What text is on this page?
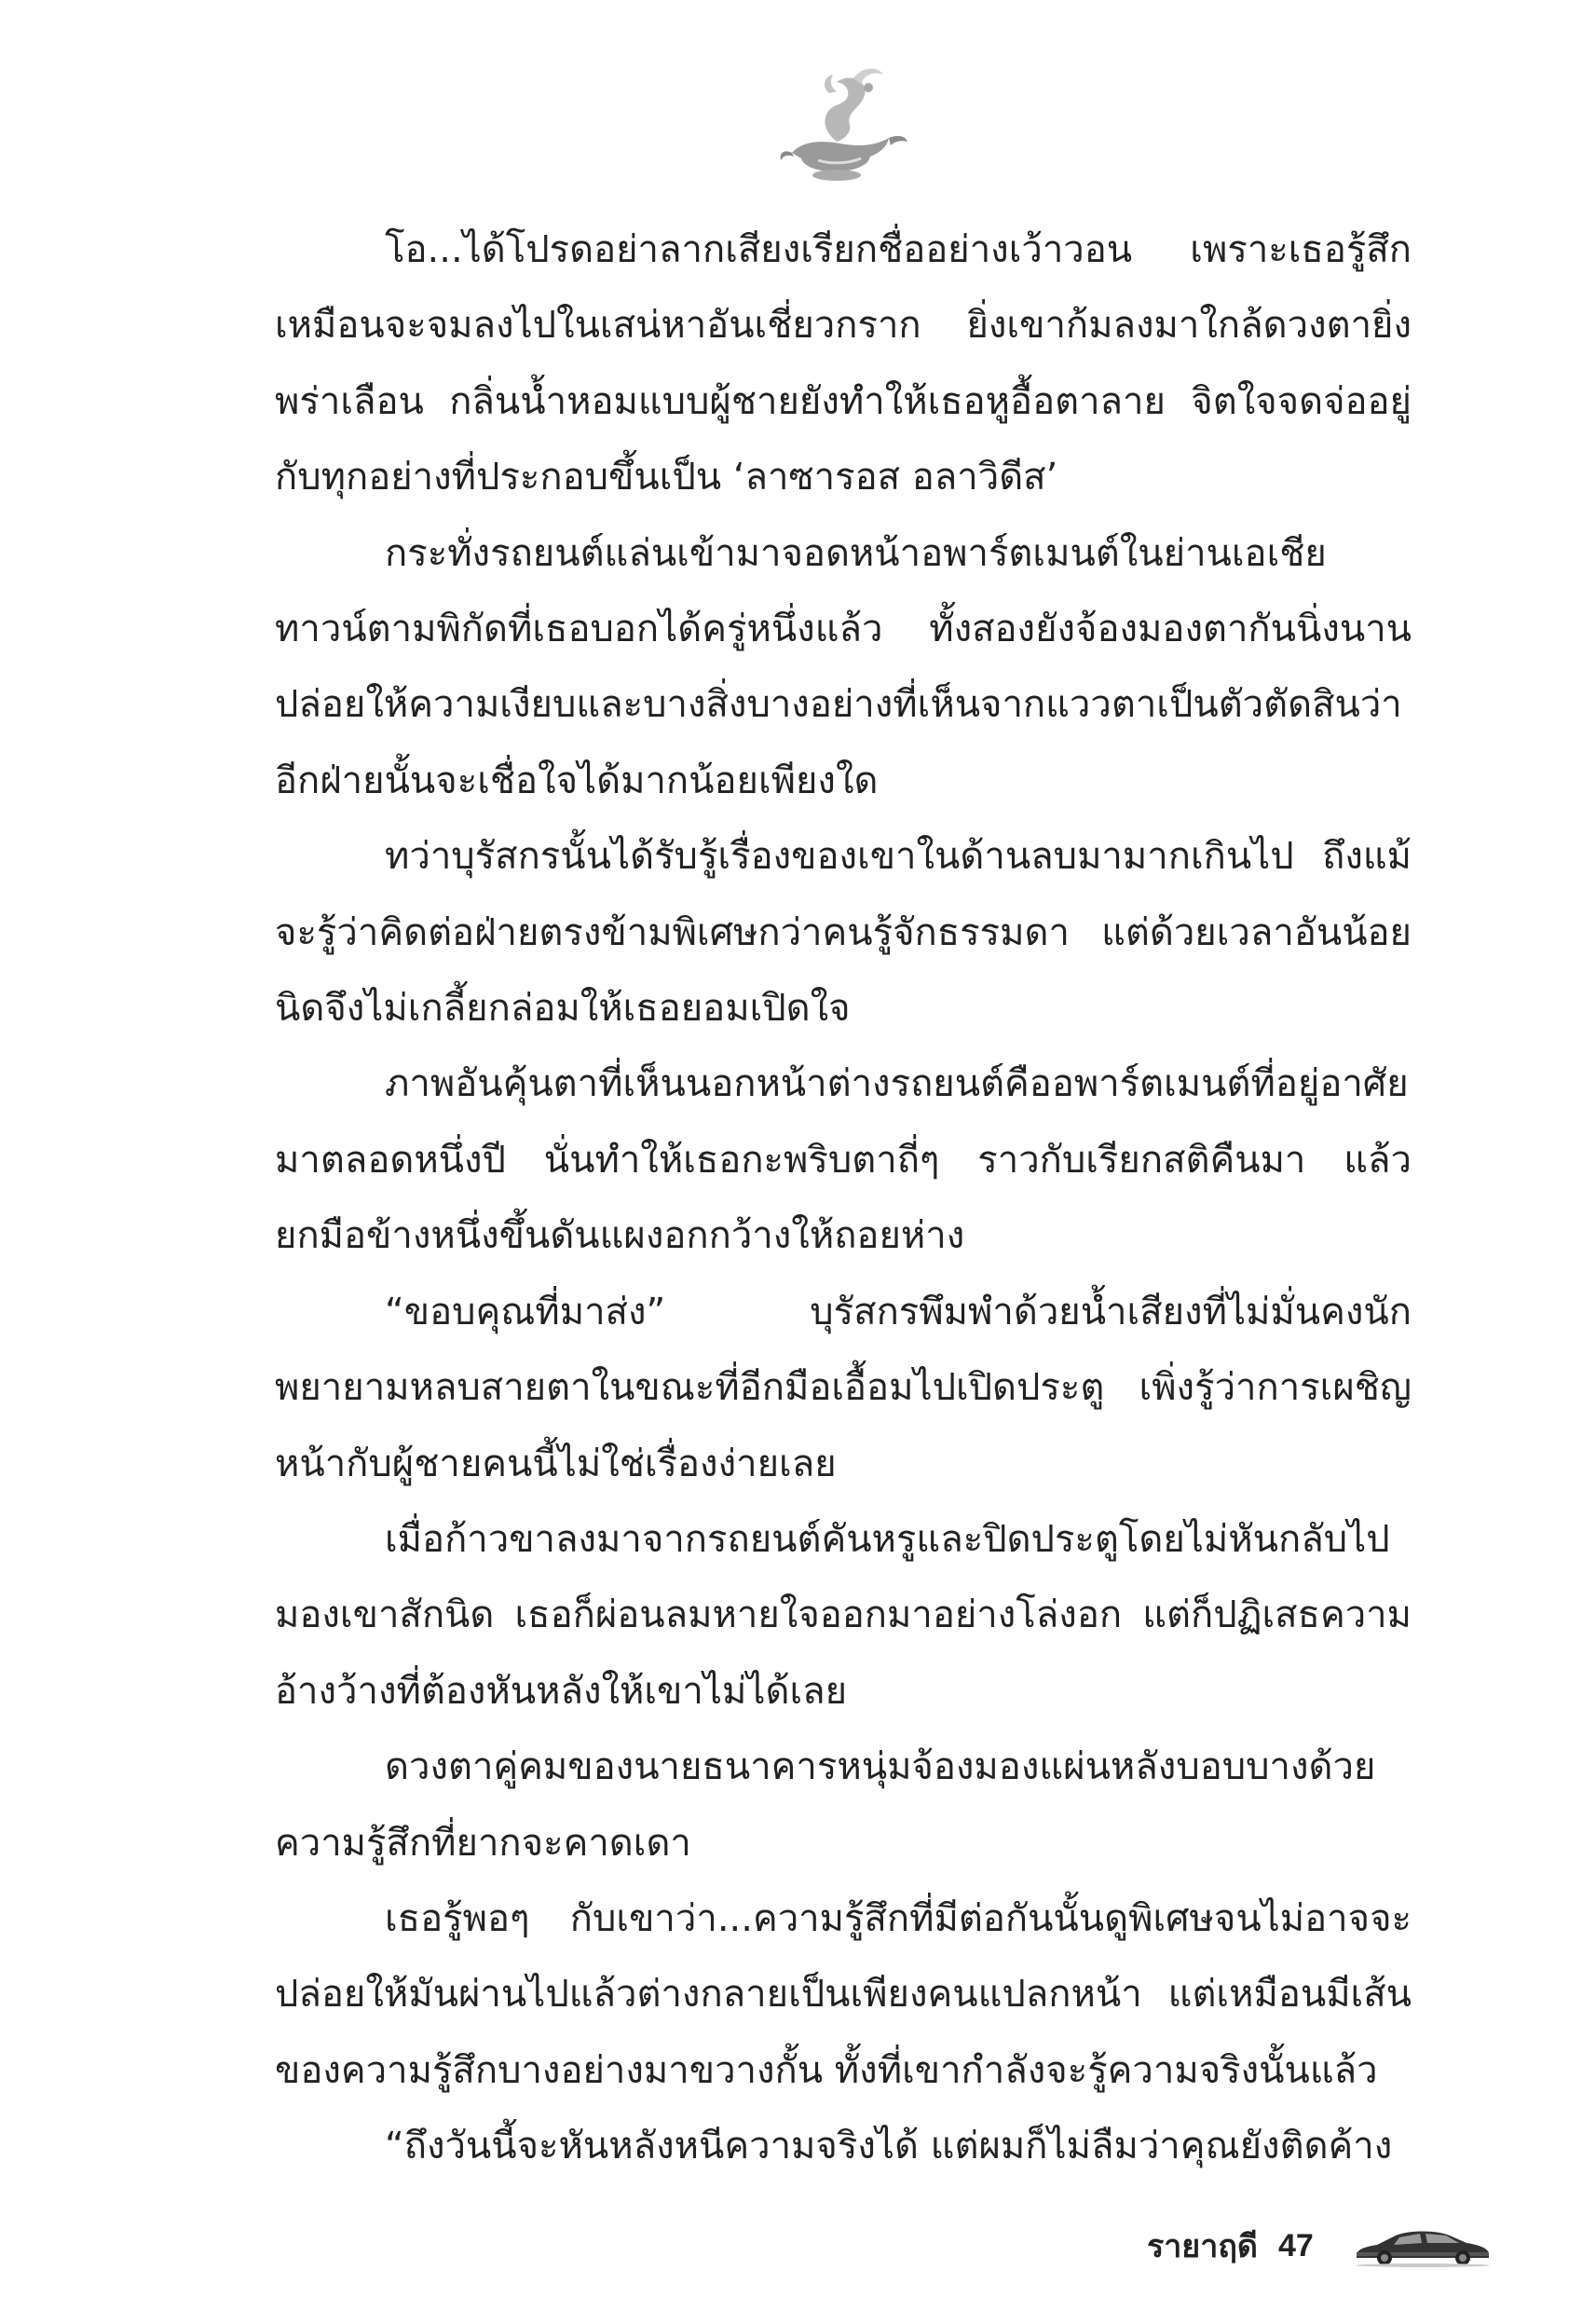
โอ...ได้โปรดอย่าลากเสียงเรียกชื่ออย่างเว้าวอน เพราะเธอรู้สึกเหมือนจะจมลงไปในเสน่หาอันเชี่ยวกราก ยิ่งเขาก้มลงมาใกล้ดวงตายิ่งพร่าเลือน กลิ่นน้ำหอมแบบผู้ชายยังทำให้เธอหูอื้อตาลาย จิตใจจดจ่ออยู่กับทุกอย่างที่ประกอบขึ้นเป็น ‘ลาซารอส อลาวิดีส’

กระทั่งรถยนต์แล่นเข้ามาจอดหน้าอพาร์ตเมนต์ในย่านเอเชียทาวน์ตามพิกัดที่เธอบอกได้ครู่หนึ่งแล้ว ทั้งสองยังจ้องมองตากันนิ่งนานปล่อยให้ความเงียบและบางสิ่งบางอย่างที่เห็นจากแววตาเป็นตัวตัดสินว่าอีกฝ่ายนั้นจะเชื่อใจได้มากน้อยเพียงใด

ทว่าบุรัสกรนั้นได้รับรู้เรื่องของเขาในด้านลบมามากเกินไป ถึงแม้จะรู้ว่าคิดต่อฝ่ายตรงข้ามพิเศษกว่าคนรู้จักธรรมดา แต่ด้วยเวลาอันน้อยนิดจึงไม่เกลี้ยกล่อมให้เธอยอมเปิดใจ

ภาพอันคุ้นตาที่เห็นนอกหน้าต่างรถยนต์คืออพาร์ตเมนต์ที่อยู่อาศัยมาตลอดหนึ่งปี นั่นทำให้เธอกะพริบตาถี่ๆ ราวกับเรียกสติคืนมา แล้วยกมือข้างหนึ่งขึ้นดันแผงอกกว้างให้ถอยห่าง

“ขอบคุณที่มาส่ง” บุรัสกรพึมพำด้วยน้ำเสียงที่ไม่มั่นคงนักพยายามหลบสายตาในขณะที่อีกมือเอื้อมไปเปิดประตู เพิ่งรู้ว่าการเผชิญหน้ากับผู้ชายคนนี้ไม่ใช่เรื่องง่ายเลย

เมื่อก้าวขาลงมาจากรถยนต์คันหรูและปิดประตูโดยไม่หันกลับไปมองเขาสักนิด เธอก็ผ่อนลมหายใจออกมาอย่างโล่งอก แต่ก็ปฏิเสธความอ้างว้างที่ต้องหันหลังให้เขาไม่ได้เลย

ดวงตาคู่คมของนายธนาคารหนุ่มจ้องมองแผ่นหลังบอบบางด้วยความรู้สึกที่ยากจะคาดเดา

เธอรู้พอๆ กับเขาว่า...ความรู้สึกที่มีต่อกันนั้นดูพิเศษจนไม่อาจจะปล่อยให้มันผ่านไปแล้วต่างกลายเป็นเพียงคนแปลกหน้า แต่เหมือนมีเส้นของความรู้สึกบางอย่างมาขวางกั้น ทั้งที่เขากำลังจะรู้ความจริงนั้นแล้ว

“ถึงวันนี้จะหันหลังหนีความจริงได้ แต่ผมก็ไม่ลืมว่าคุณยังติดค้าง

รายาฤดี 47
